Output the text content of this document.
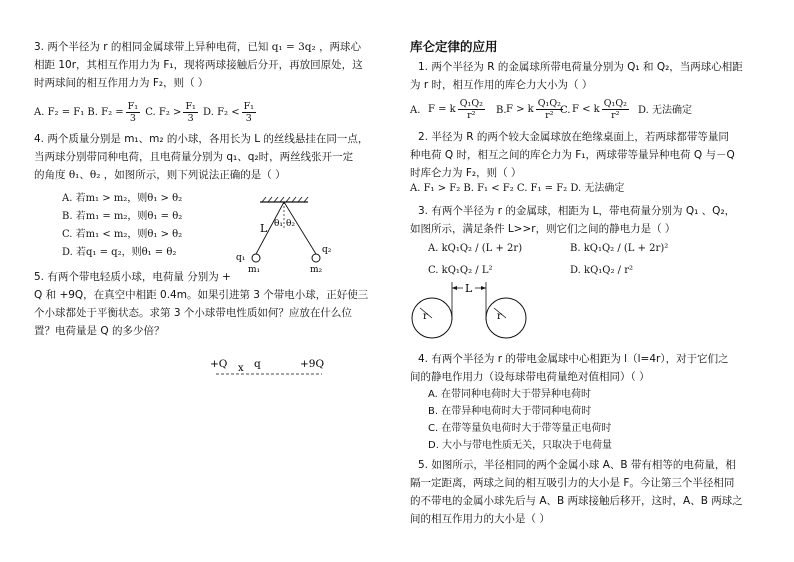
3. 两个半径为 r 的相同金属球带上异种电荷，已知 q₁ = 3q₂ ，两球心
相距 10r，其相互作用力为 F₁，现将两球接触后分开，再放回原处，这
时两球间的相互作用力为 F₂，则（ ）
A. F₂ = F₁ B. $F_2 = \frac{\text{F₁}}{3} C$. $F_2 > \frac{\text{F₁}}{3} D$. $F_2 < \frac{\text{F₁}}{3}$
4. 两个质量分别是 m₁、m₂ 的小球，各用长为 L 的丝线悬挂在同一点，
当两球分别带同种电荷，且电荷量分别为 q₁、q₂时，两丝线张开一定
的角度 θ₁、θ₂ ，如图所示，则下列说法正确的是（ ）
A. 若m₁ > m₂，则θ₁ > θ₂
B. 若m₁ = m₂，则θ₁ = θ₂
C. 若m₁ < m₂，则θ₁ > θ₂
D. 若q₁ = q₂，则θ₁ = θ₂
L θ₁ θ₂
q₁
q₂
m₁	m₂
5. 有两个带电轻质小球，电荷量 分别为 +
Q 和 +9Q，在真空中相距 0.4m。如果引进第 3 个带电小球，正好使三
个小球都处于平衡状态。求第 3 个小球带电性质如何？应放在什么位
置？电荷量是 Q 的多少倍？
+Q x q	+9Q
库仑定律的应用
1. 两个半径为 R 的金属球所带电荷量分别为 Q₁ 和 Q₂，当两球心相距
为 r 时，相互作用的库仑力大小为（ ）
A. F = k $\frac{\text{Q₁Q₂}}{\text{r²}} B$. F > k $\frac{\text{Q₁Q₂}}{\text{r²}}$
C. F < k $\frac{\text{Q₁Q₂}}{\text{r²}} D$. 无法确定
2. 半径为 R 的两个较大金属球放在绝缘桌面上，若两球都带等量同
种电荷 Q 时，相互之间的库仑力为 F₁，两球带等量异种电荷 Q 与－Q
时库仑力为 F₂，则（ ）
A. F₁ > F₂ B. F₁ < F₂ C. F₁ = F₂ D. 无法确定
3. 有两个半径为 r 的金属球，相距为 L，带电荷量分别为 Q₁ 、Q₂，
如图所示，满足条件 L>>r，则它们之间的静电力是（ ）
A. kQ₁Q₂ / (L + 2r)	B. kQ₁Q₂ / (L + 2r)²
C. kQ₁Q₂ / L²	D. kQ₁Q₂ / r²
L
r	r
4. 有两个半径为 r 的带电金属球中心相距为 l（l=4r），对于它们之
间的静电作用力（设每球带电荷量绝对值相同）（ ）
A. 在带同种电荷时大于带异种电荷时
B. 在带异种电荷时大于带同种电荷时
C. 在带等量负电荷时大于带等量正电荷时
D. 大小与带电性质无关，只取决于电荷量
5. 如图所示，半径相同的两个金属小球 A、B 带有相等的电荷量，相
隔一定距离，两球之间的相互吸引力的大小是 F。今让第三个半径相同
的不带电的金属小球先后与 A、B 两球接触后移开，这时，A、B 两球之
间的相互作用力的大小是（ ）
